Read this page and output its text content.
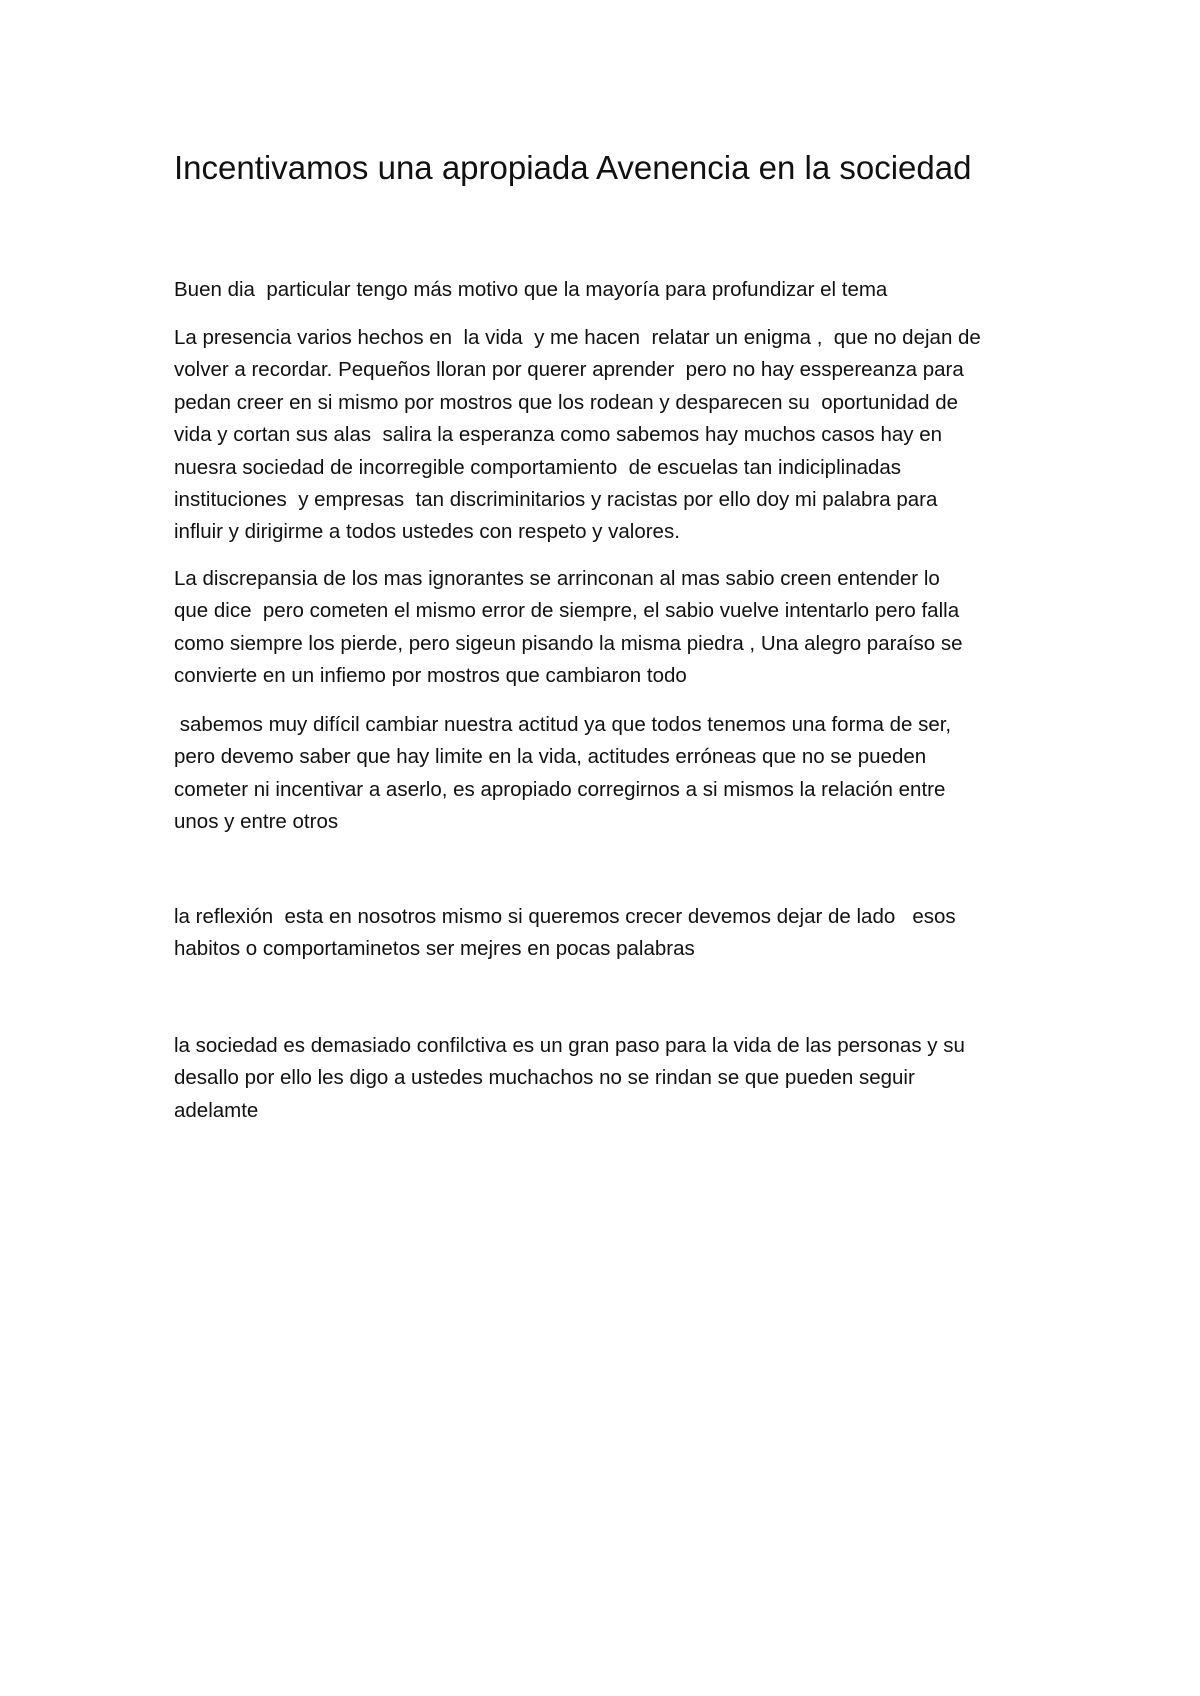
Incentivamos una apropiada Avenencia en la sociedad

Buen dia  particular tengo más motivo que la mayoría para profundizar el tema

La presencia varios hechos en  la vida  y me hacen  relatar un enigma ,  que no dejan de
volver a recordar. Pequeños lloran por querer aprender  pero no hay esspereanza para
pedan creer en si mismo por mostros que los rodean y desparecen su  oportunidad de
vida y cortan sus alas  salira la esperanza como sabemos hay muchos casos hay en
nuesra sociedad de incorregible comportamiento  de escuelas tan indiciplinadas
instituciones  y empresas  tan discriminitarios y racistas por ello doy mi palabra para
influir y dirigirme a todos ustedes con respeto y valores.

La discrepansia de los mas ignorantes se arrinconan al mas sabio creen entender lo
que dice  pero cometen el mismo error de siempre, el sabio vuelve intentarlo pero falla
como siempre los pierde, pero sigeun pisando la misma piedra , Una alegro paraíso se
convierte en un infiemo por mostros que cambiaron todo

sabemos muy difícil cambiar nuestra actitud ya que todos tenemos una forma de ser,
pero devemo saber que hay limite en la vida, actitudes erróneas que no se pueden
cometer ni incentivar a aserlo, es apropiado corregirnos a si mismos la relación entre
unos y entre otros

la reflexión  esta en nosotros mismo si queremos crecer devemos dejar de lado   esos
habitos o comportaminetos ser mejres en pocas palabras

la sociedad es demasiado confilctiva es un gran paso para la vida de las personas y su
desallo por ello les digo a ustedes muchachos no se rindan se que pueden seguir
adelamte
